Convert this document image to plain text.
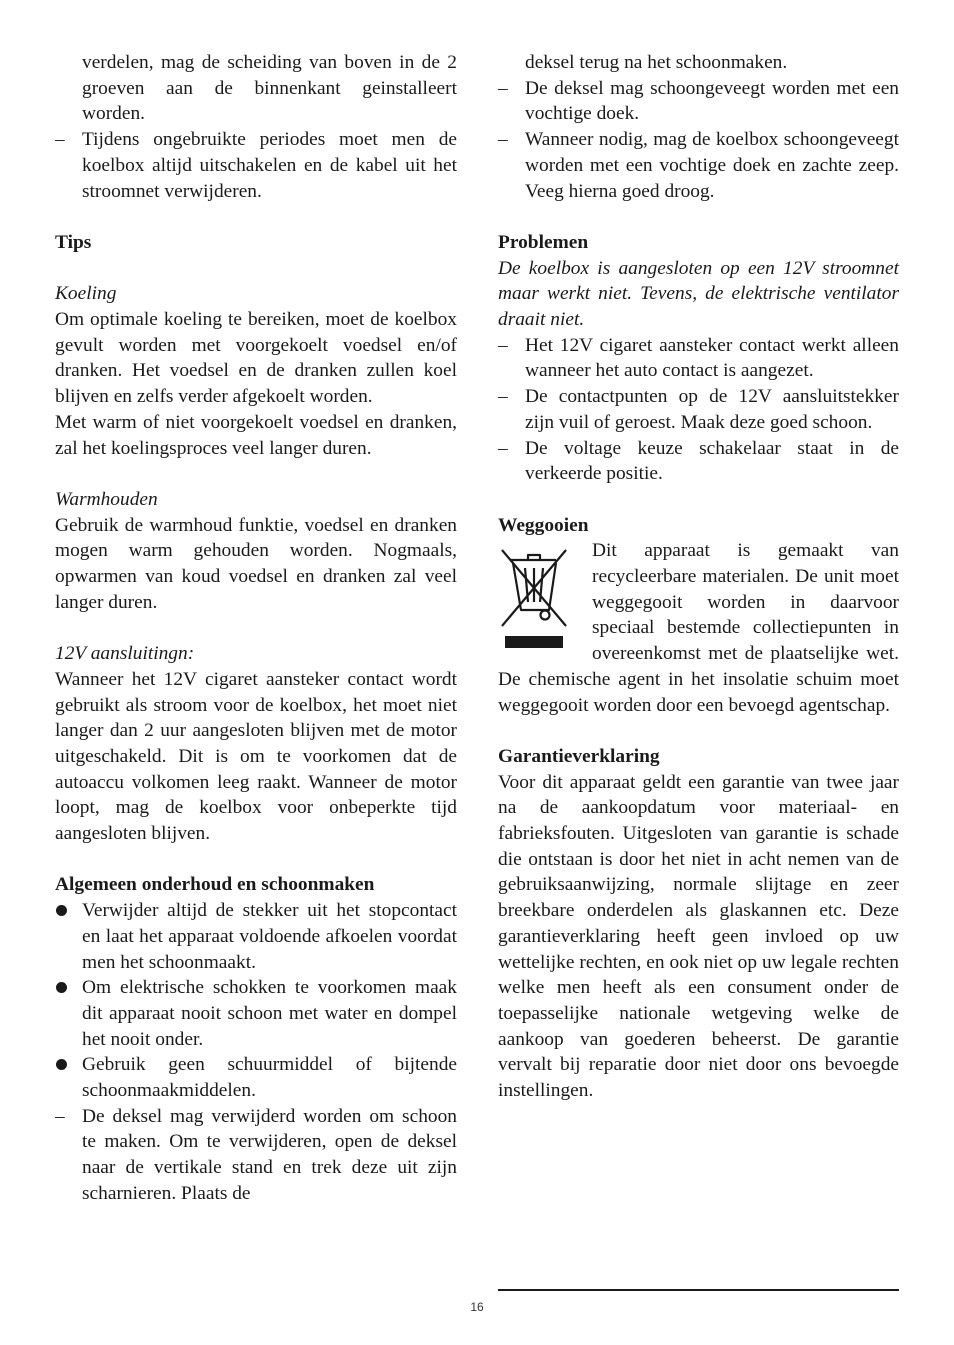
verdelen, mag de scheiding van boven in de 2 groeven aan de binnenkant geinstalleert worden.

– Tijdens ongebruikte periodes moet men de koelbox altijd uitschakelen en de kabel uit het stroomnet verwijderen.

Tips

Koeling

Om optimale koeling te bereiken, moet de koelbox gevult worden met voorgekoelt voedsel en/of dranken. Het voedsel en de dranken zullen koel blijven en zelfs verder afgekoelt worden.

Met warm of niet voorgekoelt voedsel en dranken, zal het koelingsproces veel langer duren.

Warmhouden

Gebruik de warmhoud funktie, voedsel en dranken mogen warm gehouden worden. Nogmaals, opwarmen van koud voedsel en dranken zal veel langer duren.

12V aansluitingn:

Wanneer het 12V cigaret aansteker contact wordt gebruikt als stroom voor de koelbox, het moet niet langer dan 2 uur aangesloten blijven met de motor uitgeschakeld. Dit is om te voorkomen dat de autoaccu volkomen leeg raakt. Wanneer de motor loopt, mag de koelbox voor onbeperkte tijd aangesloten blijven.

Algemeen onderhoud en schoonmaken

Verwijder altijd de stekker uit het stopcontact en laat het apparaat voldoende afkoelen voordat men het schoonmaakt.
Om elektrische schokken te voorkomen maak dit apparaat nooit schoon met water en dompel het nooit onder.
Gebruik geen schuurmiddel of bijtende schoonmaakmiddelen.
– De deksel mag verwijderd worden om schoon te maken. Om te verwijderen, open de deksel naar de vertikale stand en trek deze uit zijn scharnieren. Plaats de

deksel terug na het schoonmaken.

– De deksel mag schoongeveegt worden met een vochtige doek.
– Wanneer nodig, mag de koelbox schoongeveegt worden met een vochtige doek en zachte zeep. Veeg hierna goed droog.

Problemen

De koelbox is aangesloten op een 12V stroomnet maar werkt niet. Tevens, de elektrische ventilator draait niet.

– Het 12V cigaret aansteker contact werkt alleen wanneer het auto contact is aangezet.
– De contactpunten op de 12V aansluitstekker zijn vuil of geroest. Maak deze goed schoon.
– De voltage keuze schakelaar staat in de verkeerde positie.

Weggooien

Dit apparaat is gemaakt van recycleerbare materialen. De unit moet weggegooit worden in daarvoor speciaal bestemde collectiepunten in overeenkomst met de plaatselijke wet. De chemische agent in het insolatie schuim moet weggegooit worden door een bevoegd agentschap.

Garantieverklaring

Voor dit apparaat geldt een garantie van twee jaar na de aankoopdatum voor materiaal- en fabrieksfouten. Uitgesloten van garantie is schade die ontstaan is door het niet in acht nemen van de gebruiksaanwijzing, normale slijtage en zeer breekbare onderdelen als glaskannen etc. Deze garantieverklaring heeft geen invloed op uw wettelijke rechten, en ook niet op uw legale rechten welke men heeft als een consument onder de toepasselijke nationale wetgeving welke de aankoop van goederen beheerst. De garantie vervalt bij reparatie door niet door ons bevoegde instellingen.

16
